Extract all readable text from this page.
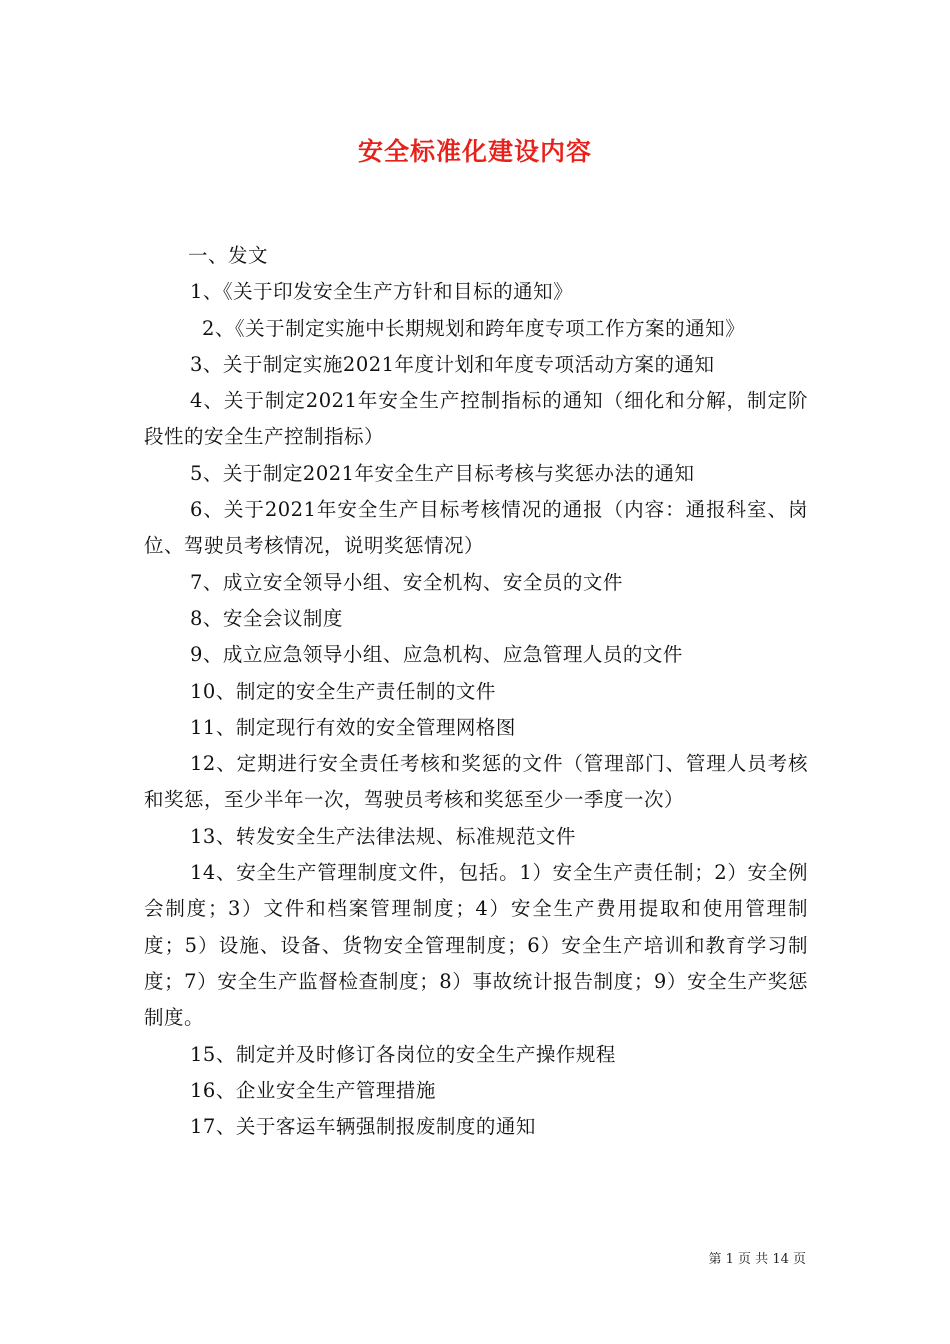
安全标准化建设内容

一、发文

1、《关于印发安全生产方针和目标的通知》

2、《关于制定实施中长期规划和跨年度专项工作方案的通知》

3、关于制定实施2021年度计划和年度专项活动方案的通知

4、关于制定2021年安全生产控制指标的通知（细化和分解，制定阶段性的安全生产控制指标）

5、关于制定2021年安全生产目标考核与奖惩办法的通知

6、关于2021年安全生产目标考核情况的通报（内容：通报科室、岗位、驾驶员考核情况，说明奖惩情况）

7、成立安全领导小组、安全机构、安全员的文件

8、安全会议制度

9、成立应急领导小组、应急机构、应急管理人员的文件

10、制定的安全生产责任制的文件

11、制定现行有效的安全管理网格图

12、定期进行安全责任考核和奖惩的文件（管理部门、管理人员考核和奖惩，至少半年一次，驾驶员考核和奖惩至少一季度一次）

13、转发安全生产法律法规、标准规范文件

14、安全生产管理制度文件，包括。1）安全生产责任制；2）安全例会制度；3）文件和档案管理制度；4）安全生产费用提取和使用管理制度；5）设施、设备、货物安全管理制度；6）安全生产培训和教育学习制度；7）安全生产监督检查制度；8）事故统计报告制度；9）安全生产奖惩制度。

15、制定并及时修订各岗位的安全生产操作规程

16、企业安全生产管理措施

17、关于客运车辆强制报废制度的通知

第 1 页 共 14 页
